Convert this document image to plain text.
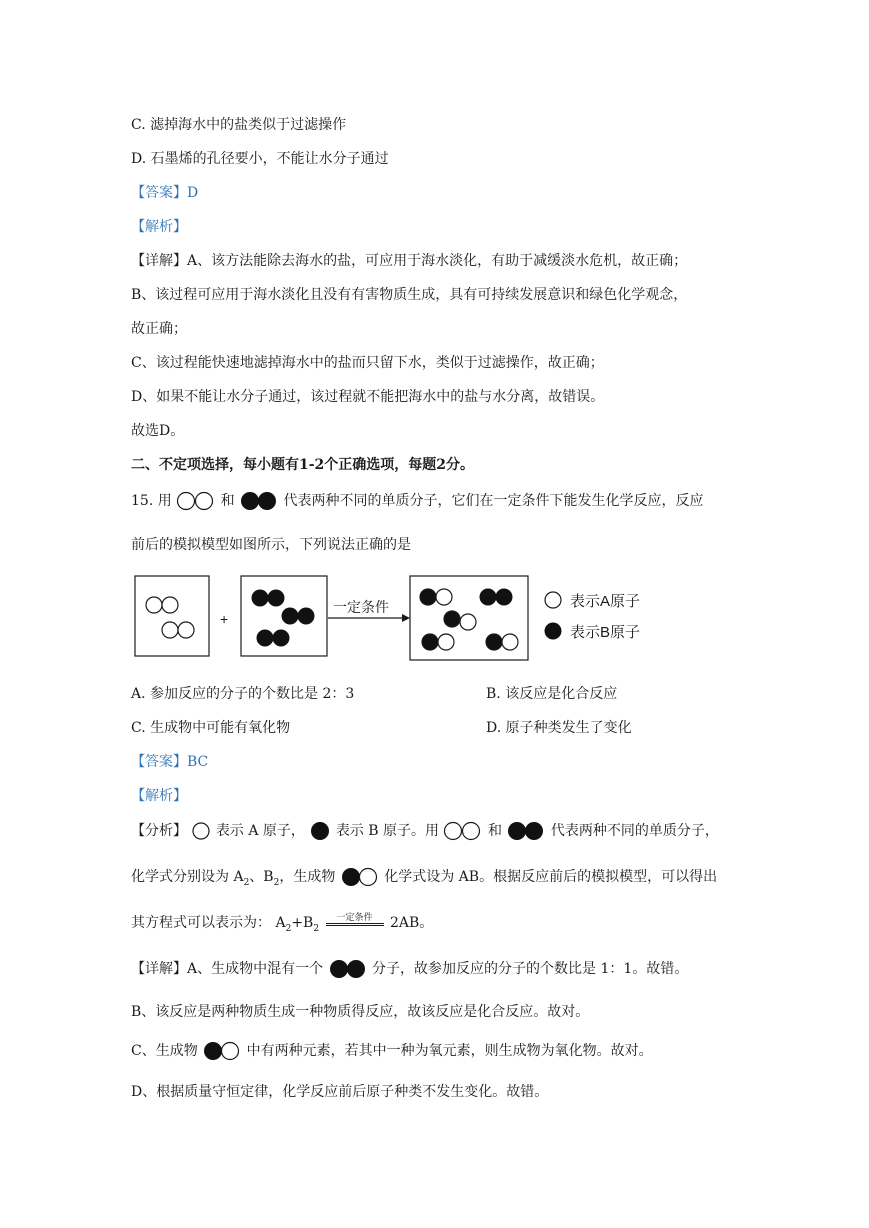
C. 滤掉海水中的盐类似于过滤操作
D. 石墨烯的孔径要小，不能让水分子通过
【答案】D
【解析】
【详解】A、该方法能除去海水的盐，可应用于海水淡化，有助于减缓淡水危机，故正确；
B、该过程可应用于海水淡化且没有有害物质生成，具有可持续发展意识和绿色化学观念，
故正确；
C、该过程能快速地滤掉海水中的盐而只留下水，类似于过滤操作，故正确；
D、如果不能让水分子通过，该过程就不能把海水中的盐与水分离，故错误。
故选D。
二、不定项选择，每小题有1-2个正确选项，每题2分。
15. 用	和	代表两种不同的单质分子，它们在一定条件下能发生化学反应，反应
前后的模拟模型如图所示，下列说法正确的是
+
一定条件	表示A原子
表示B原子
A. 参加反应的分子的个数比是 2：3	B. 该反应是化合反应
C. 生成物中可能有氧化物	D. 原子种类发生了变化
【答案】BC
【解析】
【分析】 表示 A 原子， 表示 B 原子。用	和	代表两种不同的单质分子，
化学式分别设为 $A_2$、$B_2$，生成物	化学式设为 AB。根据反应前后的模拟模型，可以得出
其方程式可以表示为： $A_2+B_2$
一定条件	2AB。
【详解】A、生成物中混有一个	分子，故参加反应的分子的个数比是 1：1。故错。
B、该反应是两种物质生成一种物质得反应，故该反应是化合反应。故对。
C、生成物	中有两种元素，若其中一种为氧元素，则生成物为氧化物。故对。
D、根据质量守恒定律，化学反应前后原子种类不发生变化。故错。
